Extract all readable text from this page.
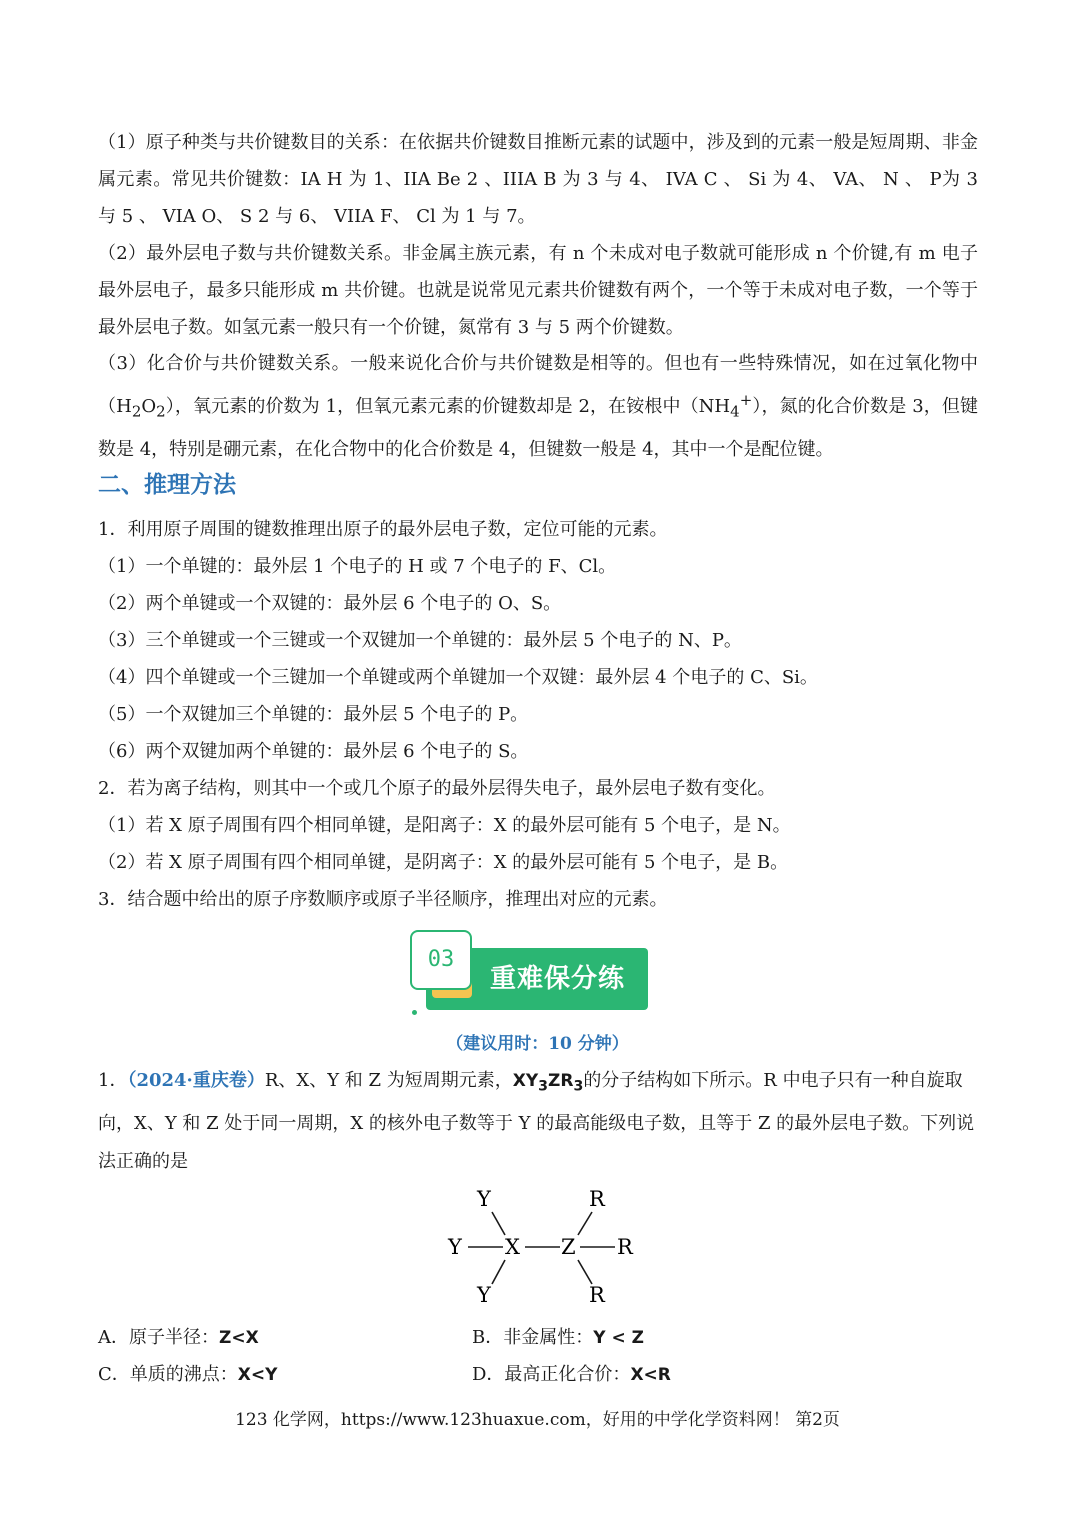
（1）原子种类与共价键数目的关系：在依据共价键数目推断元素的试题中，涉及到的元素一般是短周期、非金属元素。常见共价键数：IA H 为 1、IIA Be 2 、IIIA B 为 3 与 4、 IVA C 、 Si 为 4、 VA、 N 、 P为 3 与 5 、 VIA O、 S 2 与 6、 VIIA F、 Cl 为 1 与 7。

（2）最外层电子数与共价键数关系。非金属主族元素，有 n 个未成对电子数就可能形成 n 个价键,有 m 电子最外层电子，最多只能形成 m 共价键。也就是说常见元素共价键数有两个，一个等于未成对电子数，一个等于最外层电子数。如氢元素一般只有一个价键，氮常有 3 与 5 两个价键数。

（3）化合价与共价键数关系。一般来说化合价与共价键数是相等的。但也有一些特殊情况，如在过氧化物中$(H_2O_2)$，氧元素的价数为 1，但氧元素元素的价键数却是 2，在铵根中$(NH_4^+)$，氮的化合价数是 3，但键数是 4，特别是硼元素，在化合物中的化合价数是 4，但键数一般是 4，其中一个是配位键。

二、推理方法
1．利用原子周围的键数推理出原子的最外层电子数，定位可能的元素。
（1）一个单键的：最外层 1 个电子的 H 或 7 个电子的 F、Cl。
（2）两个单键或一个双键的：最外层 6 个电子的 O、S。
（3）三个单键或一个三键或一个双键加一个单键的：最外层 5 个电子的 N、P。
（4）四个单键或一个三键加一个单键或两个单键加一个双键：最外层 4 个电子的 C、Si。
（5）一个双键加三个单键的：最外层 5 个电子的 P。
（6）两个双键加两个单键的：最外层 6 个电子的 S。
2．若为离子结构，则其中一个或几个原子的最外层得失电子，最外层电子数有变化。
（1）若 X 原子周围有四个相同单键，是阳离子：X 的最外层可能有 5 个电子，是 N。
（2）若 X 原子周围有四个相同单键，是阴离子：X 的最外层可能有 5 个电子，是 B。
3．结合题中给出的原子序数顺序或原子半径顺序，推理出对应的元素。
03
重难保分练
（建议用时：10 分钟）
1．（2024·重庆卷）R、X、Y 和 Z 为短周期元素，$XY_3ZR_3$的分子结构如下所示。R 中电子只有一种自旋取向，X、Y 和 Z 处于同一周期，X 的核外电子数等于 Y 的最高能级电子数，且等于 Z 的最外层电子数。下列说法正确的是
Y
Y
Y
X Z
R
R
R
A．原子半径：Z<X	B．非金属性：Y < Z
C．单质的沸点：X<Y	D．最高正化合价：X<R
123 化学网，https://www.123huaxue.com，好用的中学化学资料网！ 第2页
